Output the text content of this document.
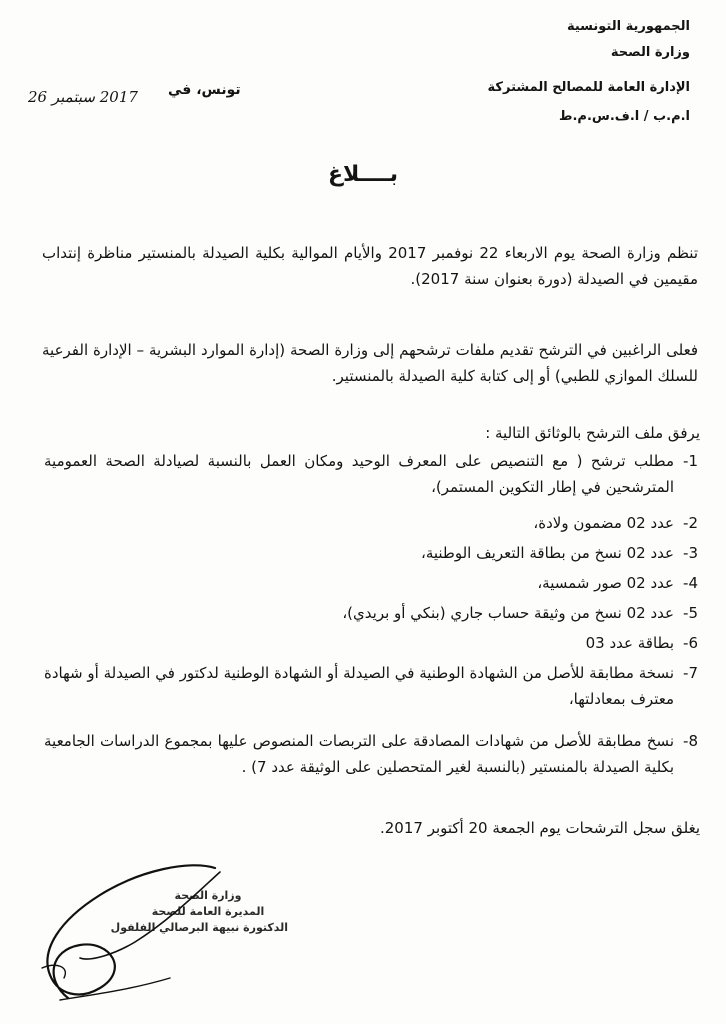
الجمهورية التونسية
وزارة الصحة
الإدارة العامة للمصالح المشتركة
ا.م.ب / ا.ف.س.م.ط
تونس، في
2017 سبتمبر 26
بــــلاغ
تنظم وزارة الصحة يوم الاربعاء 22 نوفمبر 2017 والأيام الموالية بكلية الصيدلة بالمنستير مناظرة إنتداب مقيمين في الصيدلة (دورة بعنوان سنة 2017).
فعلى الراغبين في الترشح تقديم ملفات ترشحهم إلى وزارة الصحة (إدارة الموارد البشرية – الإدارة الفرعية للسلك الموازي للطبي) أو إلى كتابة كلية الصيدلة بالمنستير.
يرفق ملف الترشح بالوثائق التالية :
1-
مطلب ترشح ( مع التنصيص على المعرف الوحيد ومكان العمل بالنسبة لصيادلة الصحة العمومية المترشحين في إطار التكوين المستمر)،
2-
عدد 02 مضمون ولادة،
3-
عدد 02 نسخ من بطاقة التعريف الوطنية،
4-
عدد 02 صور شمسية،
5-
عدد 02 نسخ من وثيقة حساب جاري (بنكي أو بريدي)،
6-
بطاقة عدد 03
7-
نسخة مطابقة للأصل من الشهادة الوطنية في الصيدلة أو الشهادة الوطنية لدكتور في الصيدلة أو شهادة معترف بمعادلتها،
8-
نسخ مطابقة للأصل من شهادات المصادقة على التربصات المنصوص عليها بمجموع الدراسات الجامعية بكلية الصيدلة بالمنستير (بالنسبة لغير المتحصلين على الوثيقة عدد 7) .
يغلق سجل الترشحات يوم الجمعة 20 أكتوبر 2017.
وزارة الصحة
المديرة العامة للصحة
الدكتورة نبيهة البرصالي الفلفول
